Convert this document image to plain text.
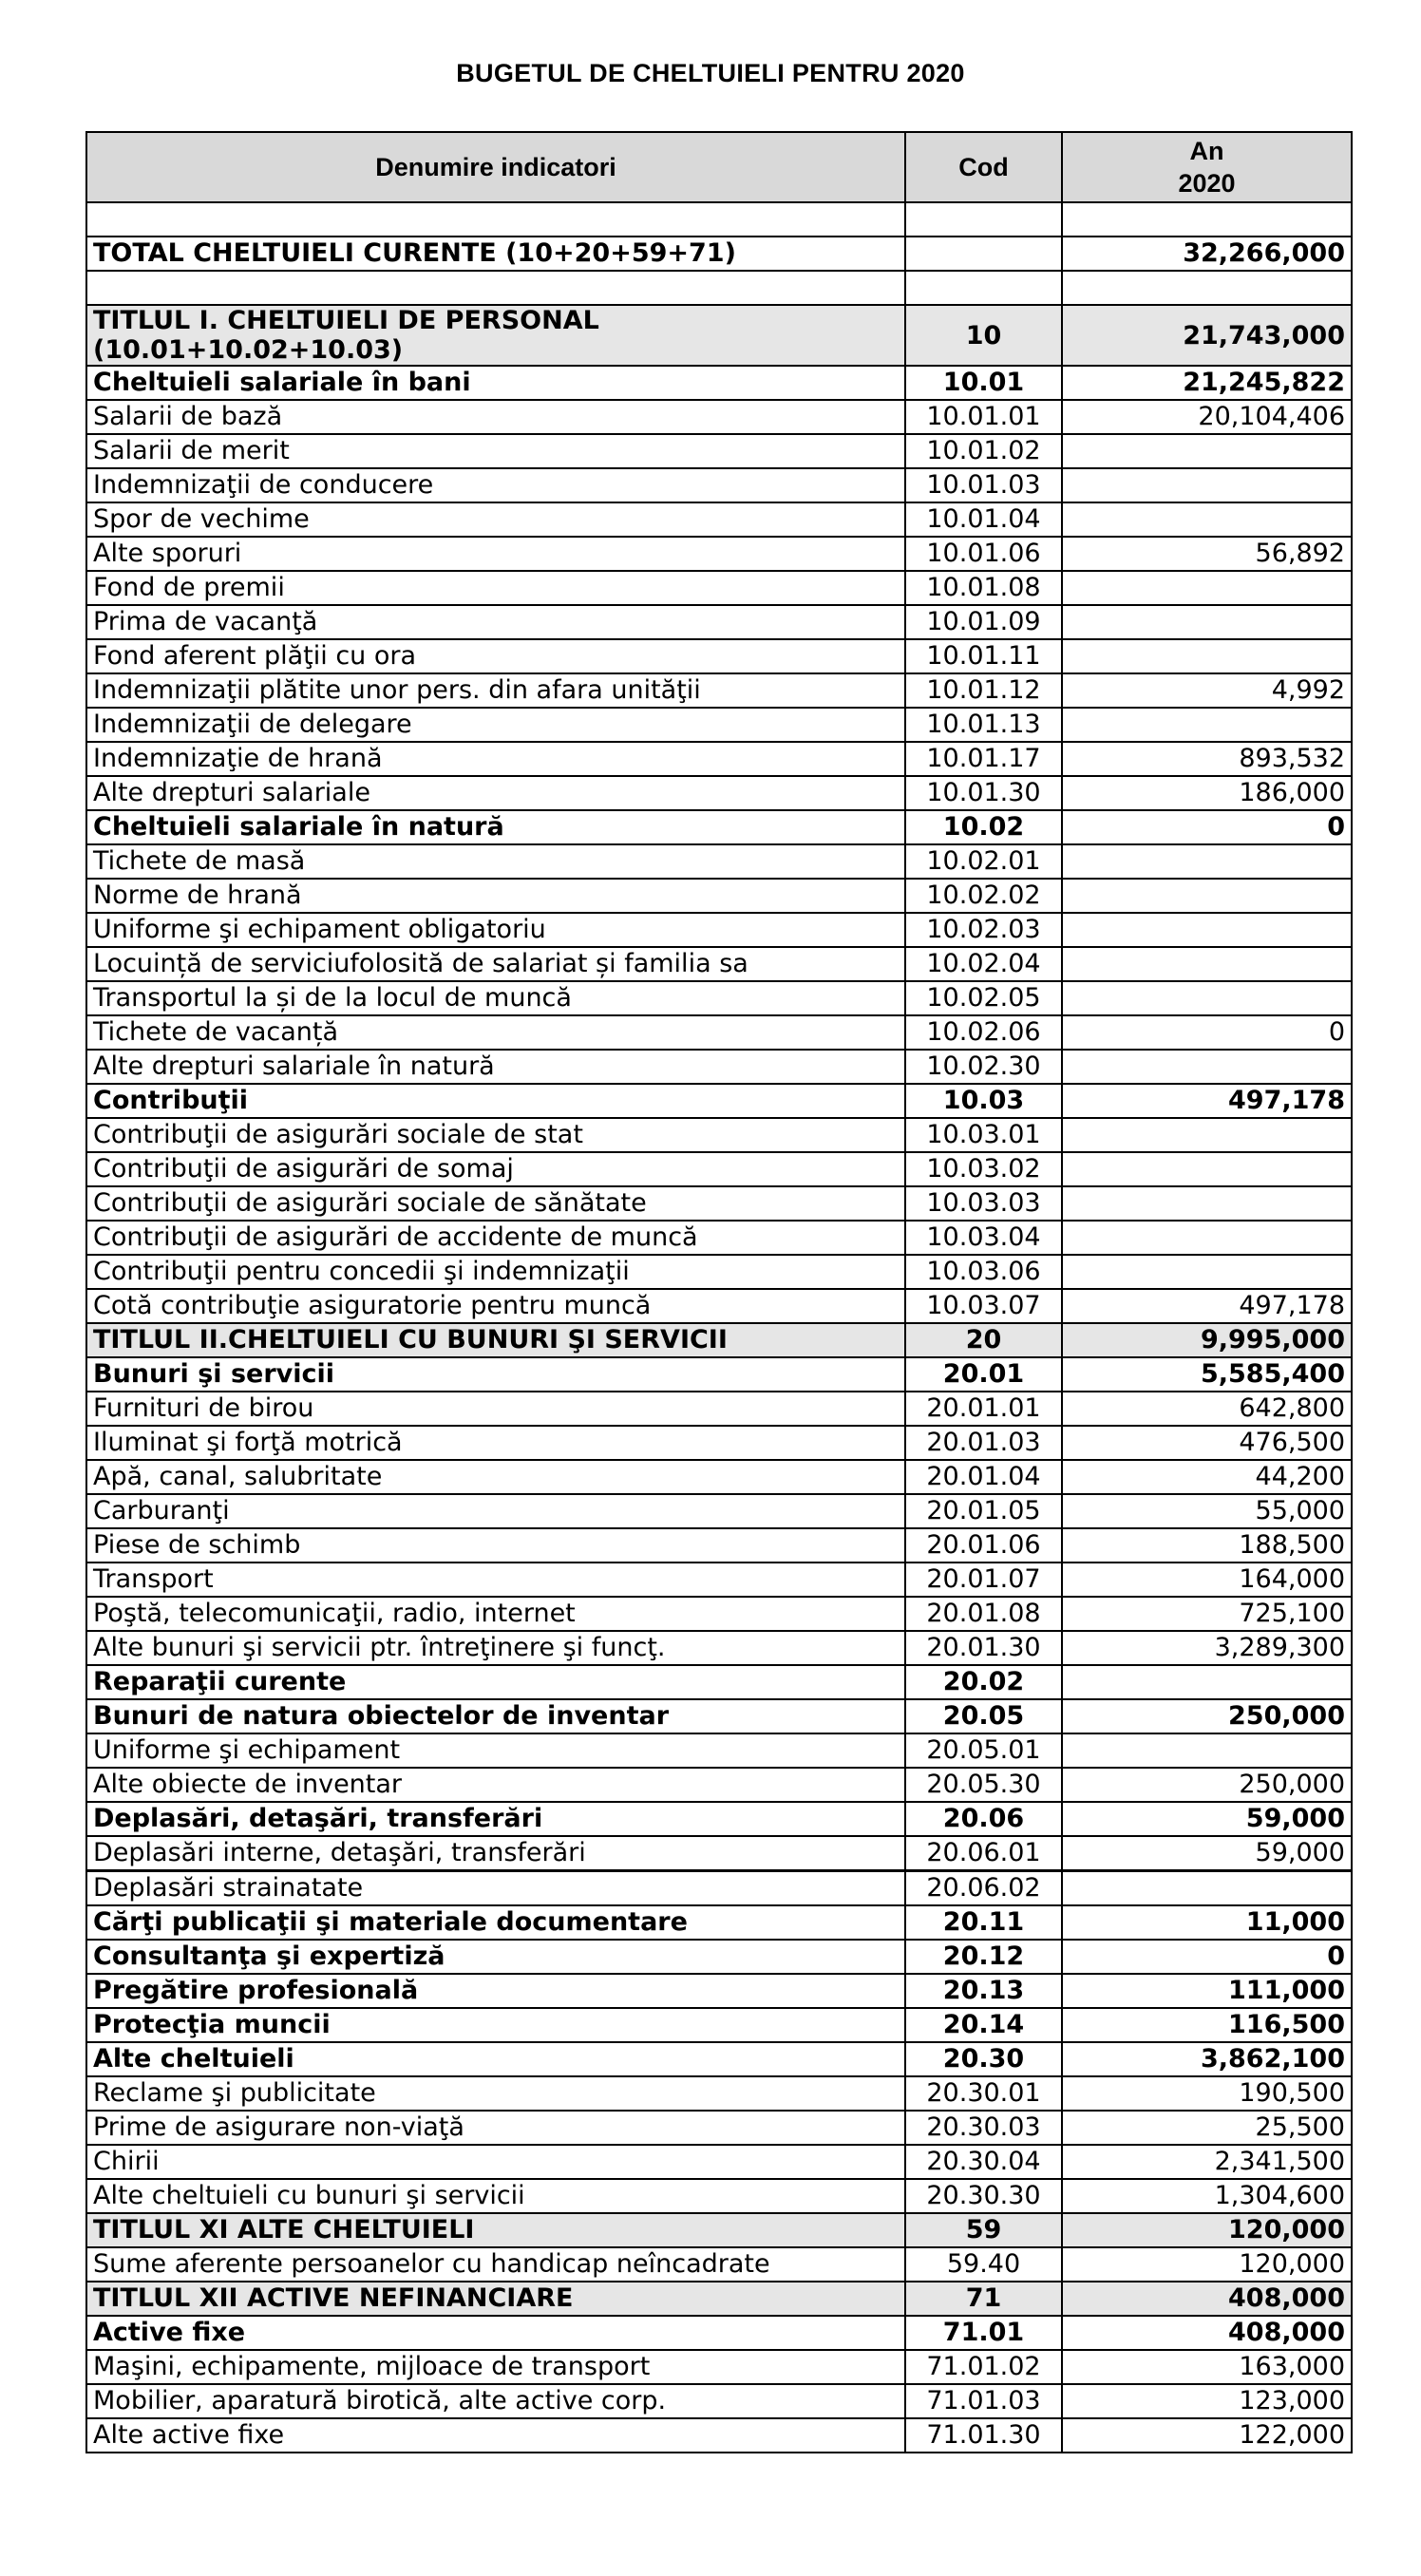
BUGETUL DE CHELTUIELI PENTRU 2020
Denumire indicatori	Cod	An
2020

TOTAL CHELTUIELI CURENTE (10+20+59+71)		32,266,000

TITLUL I. CHELTUIELI DE PERSONAL (10.01+10.02+10.03)	10	21,743,000
Cheltuieli salariale în bani	10.01	21,245,822
Salarii de bază	10.01.01	20,104,406
Salarii de merit	10.01.02	
Indemnizaţii de conducere	10.01.03	
Spor de vechime	10.01.04	
Alte sporuri	10.01.06	56,892
Fond de premii	10.01.08	
Prima de vacanţă	10.01.09	
Fond aferent plăţii cu ora	10.01.11	
Indemnizaţii plătite unor pers. din afara unităţii	10.01.12	4,992
Indemnizaţii de delegare	10.01.13	
Indemnizaţie de hrană	10.01.17	893,532
Alte drepturi salariale	10.01.30	186,000
Cheltuieli salariale în natură	10.02	0
Tichete de masă	10.02.01	
Norme de hrană	10.02.02	
Uniforme şi echipament obligatoriu	10.02.03	
Locuință de serviciufolosită de salariat și familia sa	10.02.04	
Transportul la și de la locul de muncă	10.02.05	
Tichete de vacanță	10.02.06	0
Alte drepturi salariale în natură	10.02.30	
Contribuţii	10.03	497,178
Contribuţii de asigurări sociale de stat	10.03.01	
Contribuţii de asigurări de somaj	10.03.02	
Contribuţii de asigurări sociale de sănătate	10.03.03	
Contribuţii de asigurări de accidente de muncă	10.03.04	
Contribuţii pentru concedii şi indemnizaţii	10.03.06	
Cotă contribuţie asiguratorie pentru muncă	10.03.07	497,178
TITLUL II.CHELTUIELI CU BUNURI ŞI SERVICII	20	9,995,000
Bunuri şi servicii	20.01	5,585,400
Furnituri de birou	20.01.01	642,800
Iluminat şi forţă motrică	20.01.03	476,500
Apă, canal, salubritate	20.01.04	44,200
Carburanţi	20.01.05	55,000
Piese de schimb	20.01.06	188,500
Transport	20.01.07	164,000
Poştă, telecomunicaţii, radio, internet	20.01.08	725,100
Alte bunuri şi servicii ptr. întreţinere şi funcţ.	20.01.30	3,289,300
Reparaţii curente	20.02	
Bunuri de natura obiectelor de inventar	20.05	250,000
Uniforme şi echipament	20.05.01	
Alte obiecte de inventar	20.05.30	250,000
Deplasări, detaşări, transferări	20.06	59,000
Deplasări interne, detaşări, transferări	20.06.01	59,000
Deplasări strainatate	20.06.02	
Cărţi publicaţii şi materiale documentare	20.11	11,000
Consultanţa şi expertiză	20.12	0
Pregătire profesională	20.13	111,000
Protecţia muncii	20.14	116,500
Alte cheltuieli	20.30	3,862,100
Reclame şi publicitate	20.30.01	190,500
Prime de asigurare non-viaţă	20.30.03	25,500
Chirii	20.30.04	2,341,500
Alte cheltuieli cu bunuri şi servicii	20.30.30	1,304,600
TITLUL XI ALTE CHELTUIELI	59	120,000
Sume aferente persoanelor cu handicap neîncadrate	59.40	120,000
TITLUL XII ACTIVE NEFINANCIARE	71	408,000
Active fixe	71.01	408,000
Maşini, echipamente, mijloace de transport	71.01.02	163,000
Mobilier, aparatură birotică, alte active corp.	71.01.03	123,000
Alte active fixe	71.01.30	122,000
